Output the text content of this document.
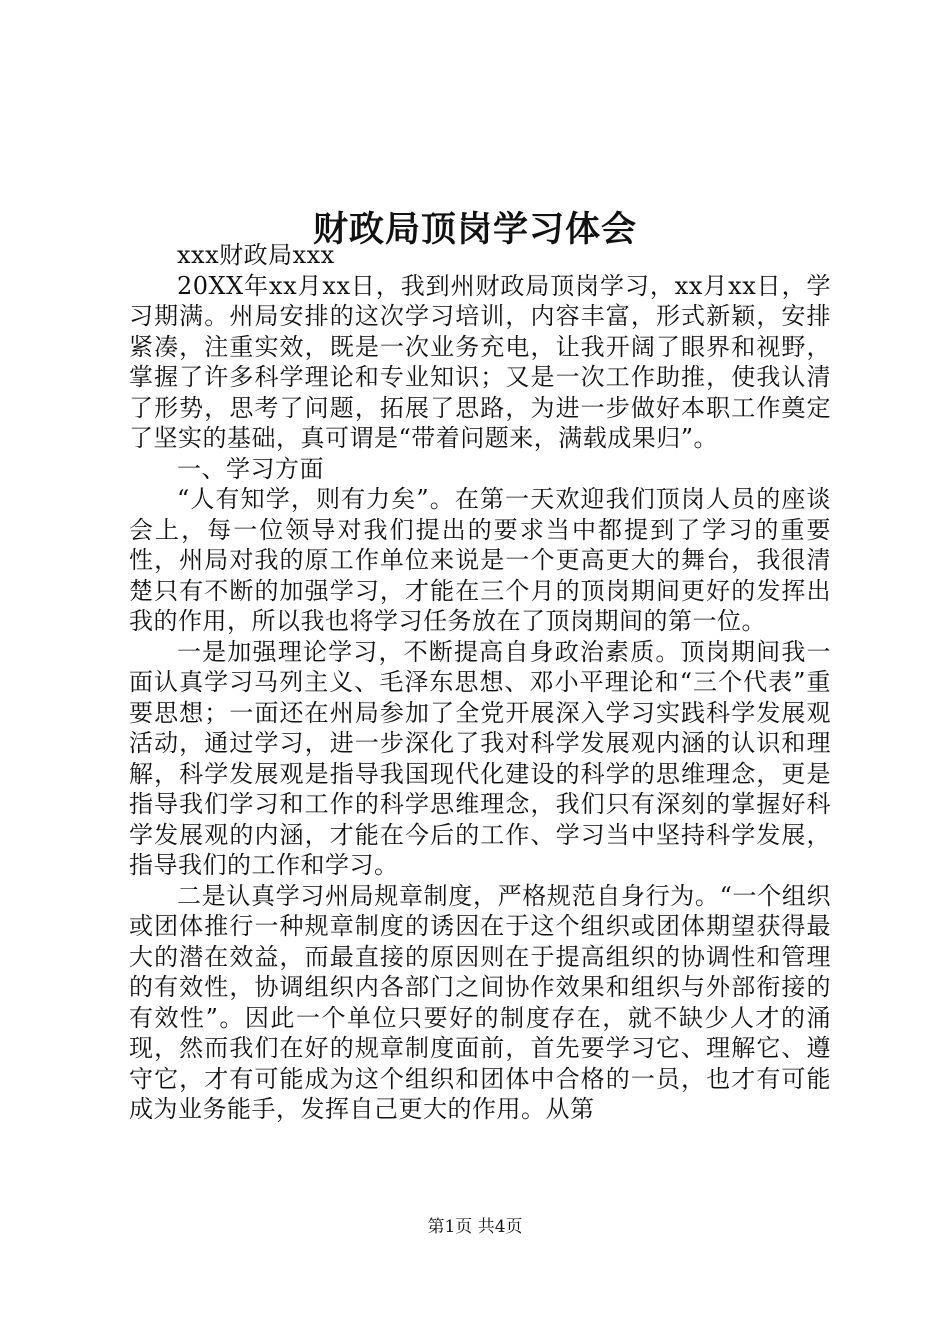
财政局顶岗学习体会

xxx财政局xxx

20XX年xx月xx日，我到州财政局顶岗学习，xx月xx日，学习期满。州局安排的这次学习培训，内容丰富，形式新颖，安排紧凑，注重实效，既是一次业务充电，让我开阔了眼界和视野，掌握了许多科学理论和专业知识；又是一次工作助推，使我认清了形势，思考了问题，拓展了思路，为进一步做好本职工作奠定了坚实的基础，真可谓是“带着问题来，满载成果归”。

一、学习方面

“人有知学，则有力矣”。在第一天欢迎我们顶岗人员的座谈会上，每一位领导对我们提出的要求当中都提到了学习的重要性，州局对我的原工作单位来说是一个更高更大的舞台，我很清楚只有不断的加强学习，才能在三个月的顶岗期间更好的发挥出我的作用，所以我也将学习任务放在了顶岗期间的第一位。

一是加强理论学习，不断提高自身政治素质。顶岗期间我一面认真学习马列主义、毛泽东思想、邓小平理论和“三个代表”重要思想；一面还在州局参加了全党开展深入学习实践科学发展观活动，通过学习，进一步深化了我对科学发展观内涵的认识和理解，科学发展观是指导我国现代化建设的科学的思维理念，更是指导我们学习和工作的科学思维理念，我们只有深刻的掌握好科学发展观的内涵，才能在今后的工作、学习当中坚持科学发展，指导我们的工作和学习。

二是认真学习州局规章制度，严格规范自身行为。“一个组织或团体推行一种规章制度的诱因在于这个组织或团体期望获得最大的潜在效益，而最直接的原因则在于提高组织的协调性和管理的有效性，协调组织内各部门之间协作效果和组织与外部衔接的有效性”。因此一个单位只要好的制度存在，就不缺少人才的涌现，然而我们在好的规章制度面前，首先要学习它、理解它、遵守它，才有可能成为这个组织和团体中合格的一员，也才有可能成为业务能手，发挥自己更大的作用。从第

第1页 共4页
